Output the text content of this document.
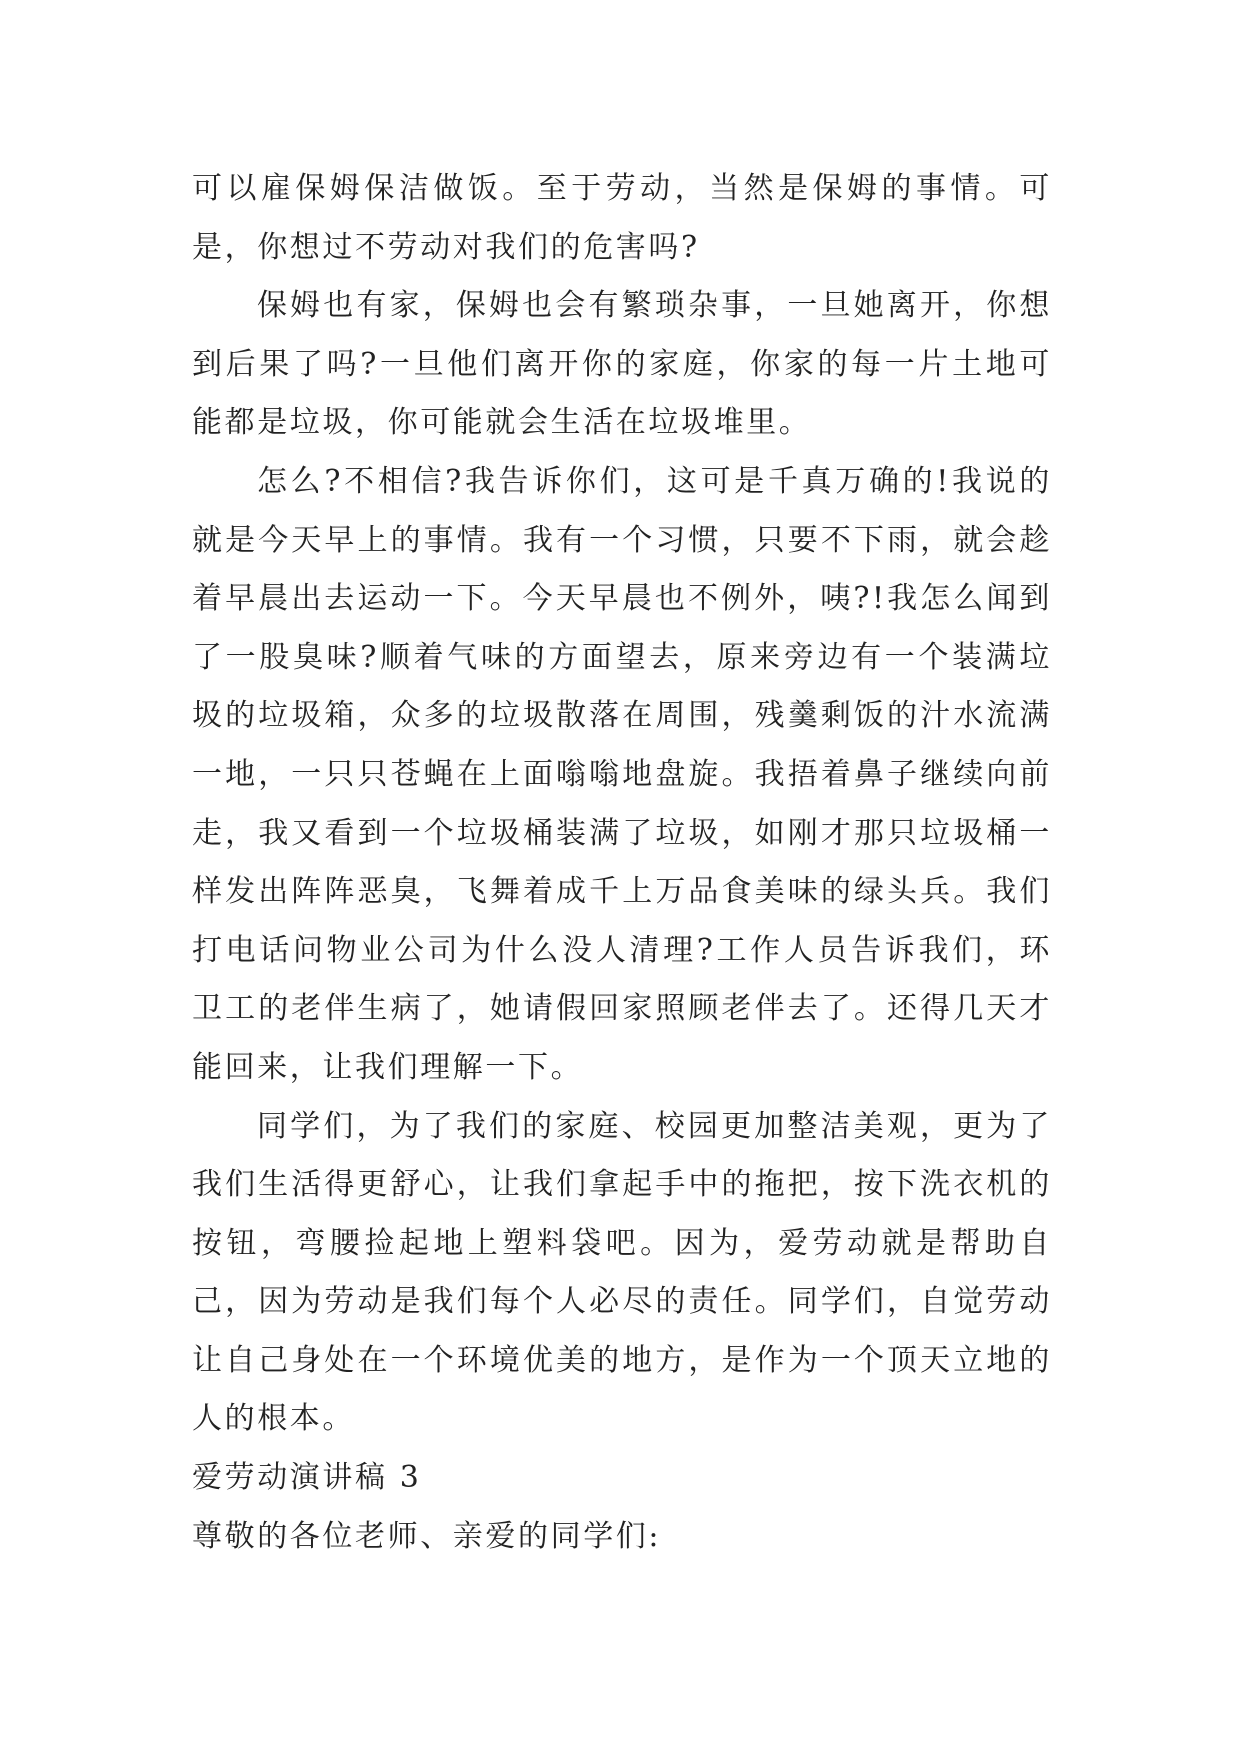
可以雇保姆保洁做饭。至于劳动，当然是保姆的事情。可是，你想过不劳动对我们的危害吗?

保姆也有家，保姆也会有繁琐杂事，一旦她离开，你想到后果了吗?一旦他们离开你的家庭，你家的每一片土地可能都是垃圾，你可能就会生活在垃圾堆里。

怎么?不相信?我告诉你们，这可是千真万确的!我说的就是今天早上的事情。我有一个习惯，只要不下雨，就会趁着早晨出去运动一下。今天早晨也不例外，咦?!我怎么闻到了一股臭味?顺着气味的方面望去，原来旁边有一个装满垃圾的垃圾箱，众多的垃圾散落在周围，残羹剩饭的汁水流满一地，一只只苍蝇在上面嗡嗡地盘旋。我捂着鼻子继续向前走，我又看到一个垃圾桶装满了垃圾，如刚才那只垃圾桶一样发出阵阵恶臭，飞舞着成千上万品食美味的绿头兵。我们打电话问物业公司为什么没人清理?工作人员告诉我们，环卫工的老伴生病了，她请假回家照顾老伴去了。还得几天才能回来，让我们理解一下。

同学们，为了我们的家庭、校园更加整洁美观，更为了我们生活得更舒心，让我们拿起手中的拖把，按下洗衣机的按钮，弯腰捡起地上塑料袋吧。因为，爱劳动就是帮助自己，因为劳动是我们每个人必尽的责任。同学们，自觉劳动让自己身处在一个环境优美的地方，是作为一个顶天立地的人的根本。

爱劳动演讲稿 3

尊敬的各位老师、亲爱的同学们:
